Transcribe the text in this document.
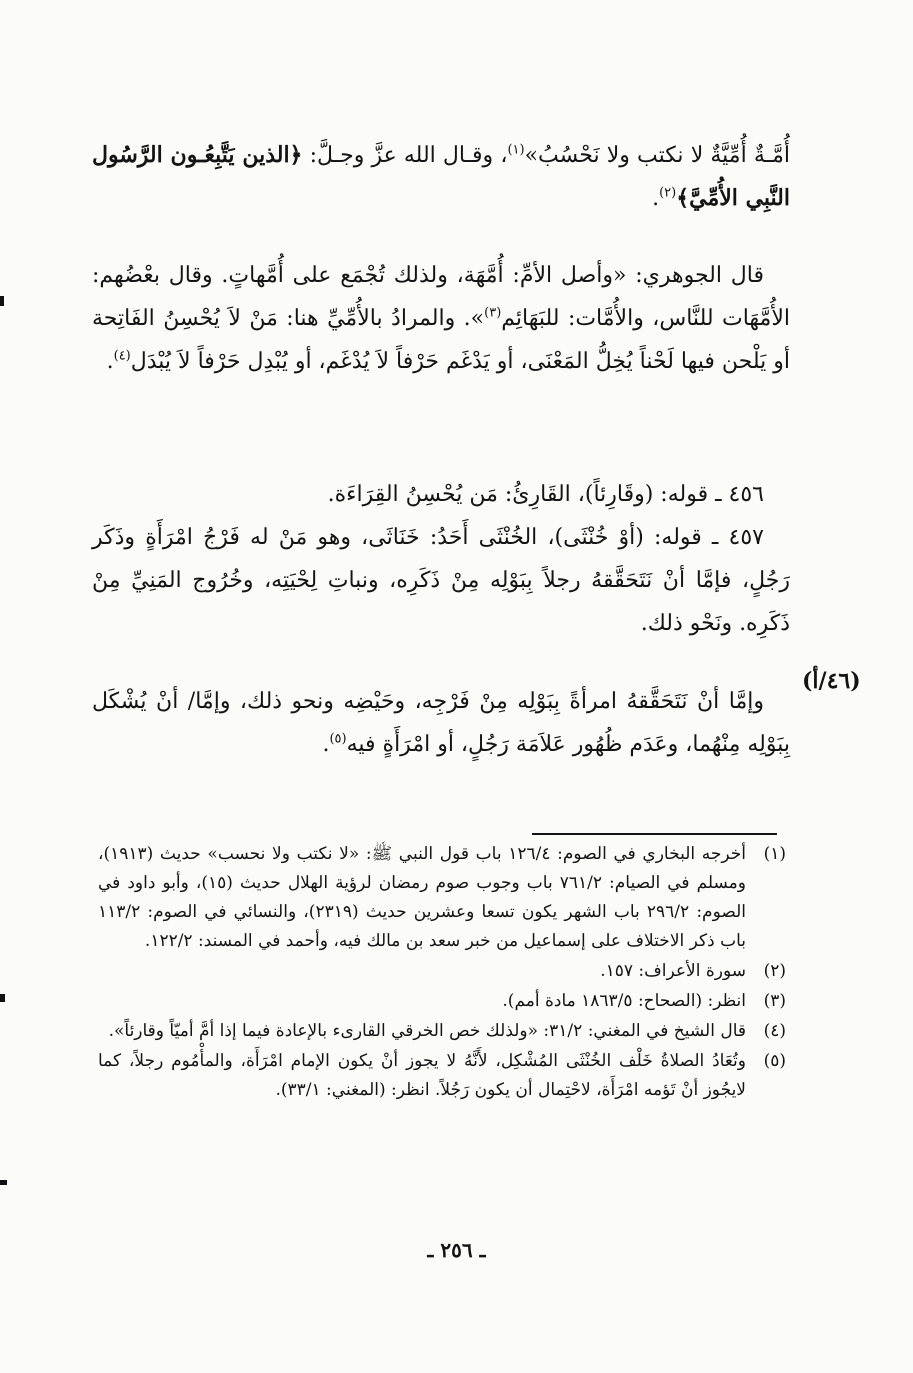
أُمَّـةٌ أُمِّيَّةٌ لا نكتب ولا نَحْسُبُ»$^{(١)}$، وقـال الله عزَّ وجـلَّ: ﴿الذين يَتَّبِعُـون الرَّسُول النَّبِي الأُمِّيَّ﴾$^{(٢)}$.

قال الجوهري: «وأصل الأمِّ: أُمَّهَة، ولذلك تُجْمَع على أُمَّهاتٍ. وقال بعْضُهم: الأُمَّهَات للنَّاس، والأُمَّات: للبَهَائِم$^{(٣)}$». والمرادُ بالأُمِّيِّ هنا: مَنْ لاَ يُحْسِنُ الفَاتِحة أو يَلْحن فيها لَحْناً يُخِلُّ المَعْنَى، أو يَدْغَم حَرْفاً لاَ يُدْغَم، أو يُبْدِل حَرْفاً لاَ يُبْدَل$^{(٤)}$.

٤٥٦ ـ قوله: (وقَارِئاً)، القَارِئُ: مَن يُحْسِنُ القِرَاءَة.

٤٥٧ ـ قوله: (أوْ خُنْثَى)، الخُنْثَى أَحَدُ: خَنَاثَى، وهو مَنْ له فَرْجُ امْرَأَةٍ وذَكَر رَجُلٍ، فإمَّا أنْ نَتَحَقَّقهُ رجلاً بِبَوْلِه مِنْ ذَكَرِه، ونباتِ لِحْيَتِه، وخُرُوج المَنِيِّ مِنْ ذَكَرِه. ونَحْو ذلك.

وإمَّا أنْ نَتَحَقَّقهُ امرأةً بِبَوْلِه مِنْ فَرْجِه، وحَيْضِه ونحو ذلك، وإمَّا/ أنْ يُشْكَل بِبَوْلِه مِنْهُما، وعَدَم ظُهُور عَلاَمَة رَجُلٍ، أو امْرَأَةٍ فيه$^{(٥)}$.

(٤٦/أ)
(١)
أخرجه البخاري في الصوم: ١٢٦/٤ باب قول النبي ﷺ: «لا نكتب ولا نحسب» حديث (١٩١٣)، ومسلم في الصيام: ٧٦١/٢ باب وجوب صوم رمضان لرؤية الهلال حديث (١٥)، وأبو داود في الصوم: ٢٩٦/٢ باب الشهر يكون تسعا وعشرين حديث (٢٣١٩)، والنسائي في الصوم: ١١٣/٢ باب ذكر الاختلاف على إسماعيل من خبر سعد بن مالك فيه، وأحمد في المسند: ١٢٢/٢.
(٢)
سورة الأعراف: ١٥٧.
(٣)
انظر: (الصحاح: ١٨٦٣/٥ مادة أمم).
(٤)
قال الشيخ في المغني: ٣١/٢: «ولذلك خص الخرقي القارىء بالإعادة فيما إذا أمَّ أميّاً وقارئاً».
(٥)
وتُعَادُ الصلاةُ خَلْف الخُنْثَى المُشْكِل، لأَنَّهُ لا يجوز أنْ يكون الإمام امْرَأَة، والمأْمُوم رجلاً، كما لايجُوز أنْ تَؤمه امْرَأَة، لاحْتِمال أن يكون رَجُلاً. انظر: (المغني: ٣٣/١).
ـ ٢٥٦ ـ
